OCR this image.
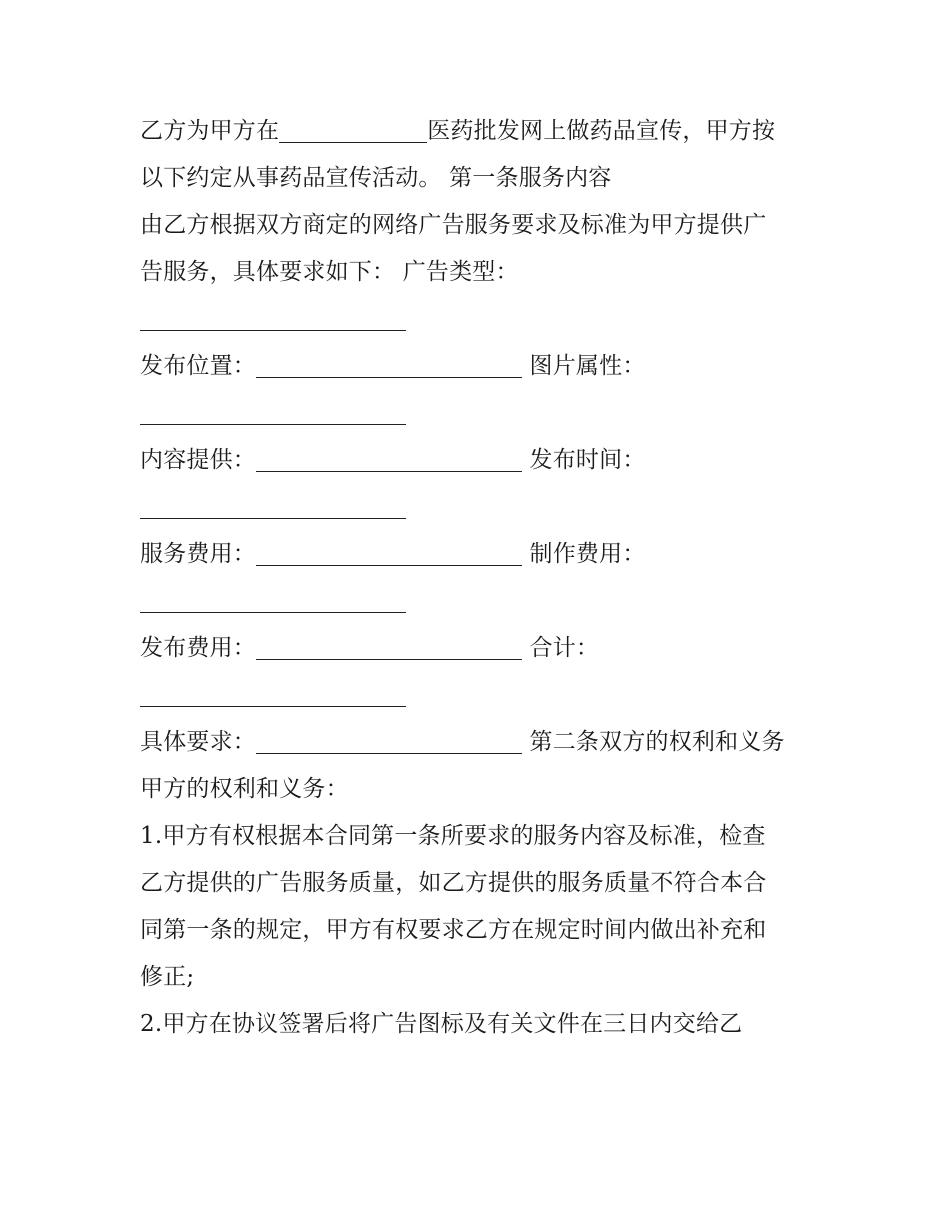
乙方为甲方在	医药批发网上做药品宣传，甲方按
以下约定从事药品宣传活动。 第一条服务内容
由乙方根据双方商定的网络广告服务要求及标准为甲方提供广
告服务，具体要求如下： 广告类型：
发布位置：	图片属性：
内容提供：	发布时间：
服务费用：	制作费用：
发布费用：	合计：
具体要求：	第二条双方的权利和义务
甲方的权利和义务：
1.甲方有权根据本合同第一条所要求的服务内容及标准，检查
乙方提供的广告服务质量，如乙方提供的服务质量不符合本合
同第一条的规定，甲方有权要求乙方在规定时间内做出补充和
修正;
2.甲方在协议签署后将广告图标及有关文件在三日内交给乙
